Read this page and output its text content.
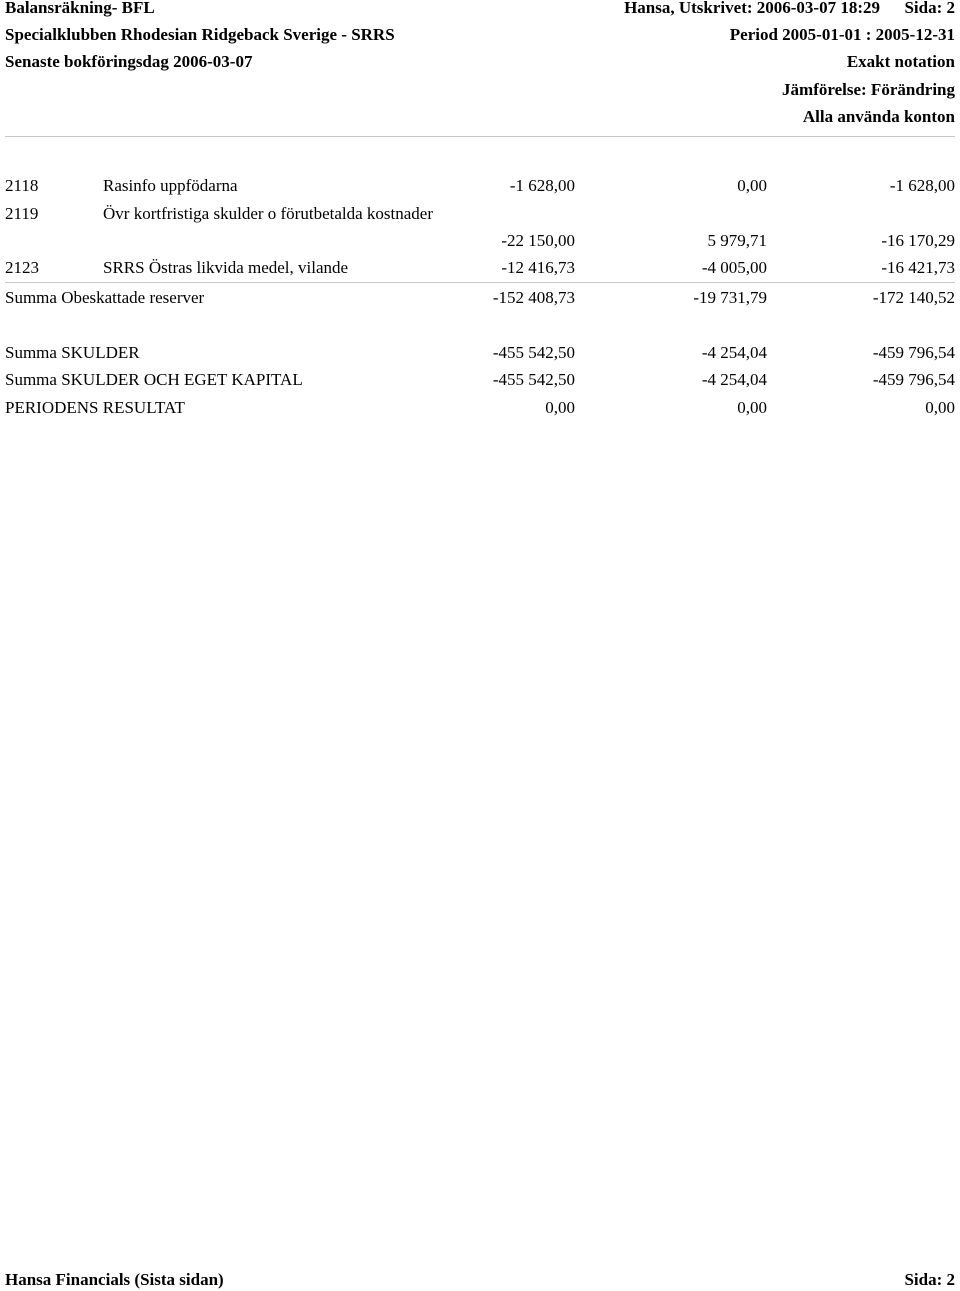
Balansräkning- BFL	Hansa, Utskrivet: 2006-03-07 18:29 Sida: 2
Specialklubben Rhodesian Ridgeback Sverige - SRRS	Period 2005-01-01 : 2005-12-31
Senaste bokföringsdag 2006-03-07	Exakt notation
Jämförelse: Förändring
Alla använda konton
2118	Rasinfo uppfödarna	-1 628,00	0,00	-1 628,00
2119	Övr kortfristiga skulder o förutbetalda kostnader
-22 150,00	5 979,71	-16 170,29
2123	SRRS Östras likvida medel, vilande	-12 416,73	-4 005,00	-16 421,73
Summa Obeskattade reserver	-152 408,73	-19 731,79	-172 140,52
Summa SKULDER	-455 542,50	-4 254,04	-459 796,54
Summa SKULDER OCH EGET KAPITAL	-455 542,50	-4 254,04	-459 796,54
PERIODENS RESULTAT	0,00	0,00	0,00
Hansa Financials (Sista sidan)	Sida: 2
